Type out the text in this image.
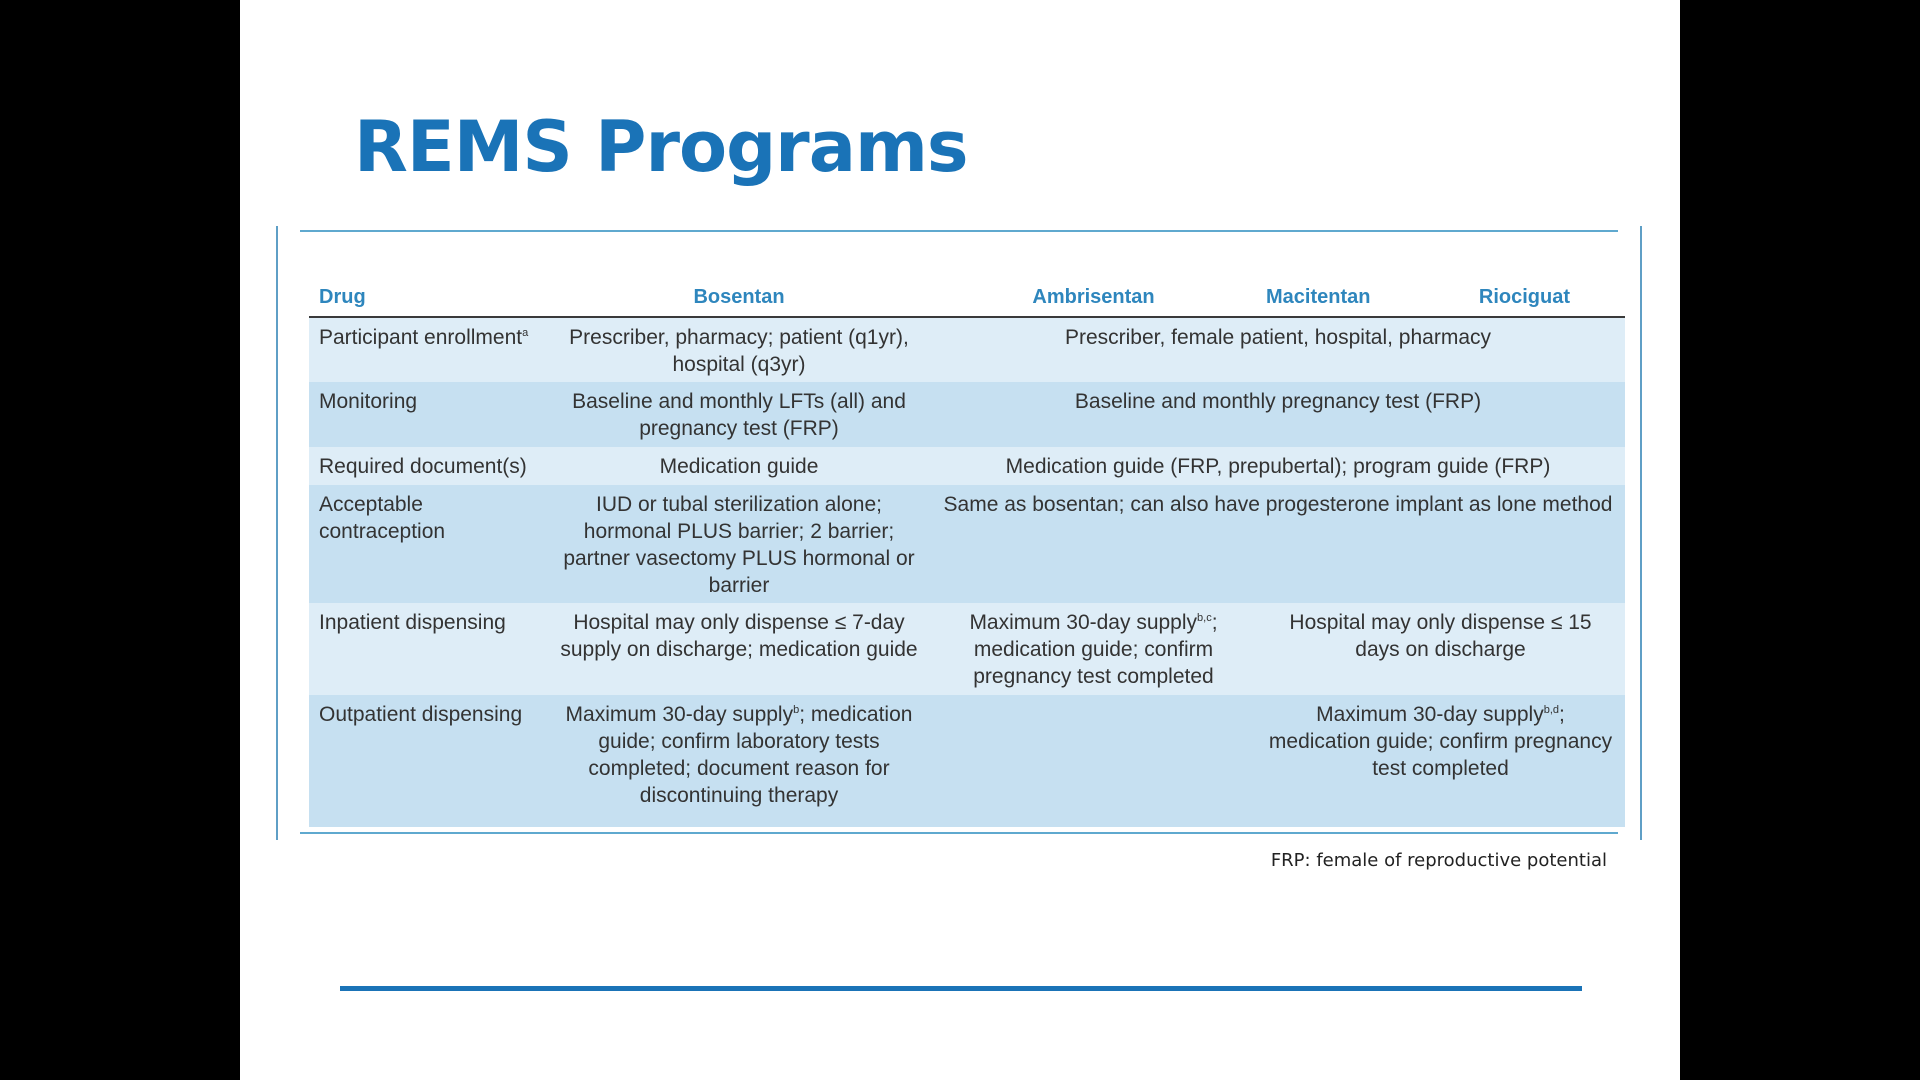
REMS Programs
Drug	Bosentan	Ambrisentan	Macitentan Riociguat

Participant enrollment$^a$	Prescriber, pharmacy; patient (q1yr), hospital (q3yr)	Prescriber, female patient, hospital, pharmacy	
Monitoring	Baseline and monthly LFTs (all) and pregnancy test (FRP)	Baseline and monthly pregnancy test (FRP)	
Required document(s)	Medication guide	Medication guide (FRP, prepubertal); program guide (FRP)	
Acceptable contraception	IUD or tubal sterilization alone; hormonal PLUS barrier; 2 barrier; partner vasectomy PLUS hormonal or barrier	Same as bosentan; can also have progesterone implant as lone method	
Inpatient dispensing	Hospital may only dispense ≤ 7-day supply on discharge; medication guide	Maximum 30-day supply$^{b,c}$; medication guide; confirm pregnancy test completed	Hospital may only dispense ≤ 15 days on discharge
Outpatient dispensing	Maximum 30-day supply$^b$; medication guide; confirm laboratory tests completed; document reason for discontinuing therapy		Maximum 30-day supply$^{b,d}$; medication guide; confirm pregnancy test completed
FRP: female of reproductive potential
